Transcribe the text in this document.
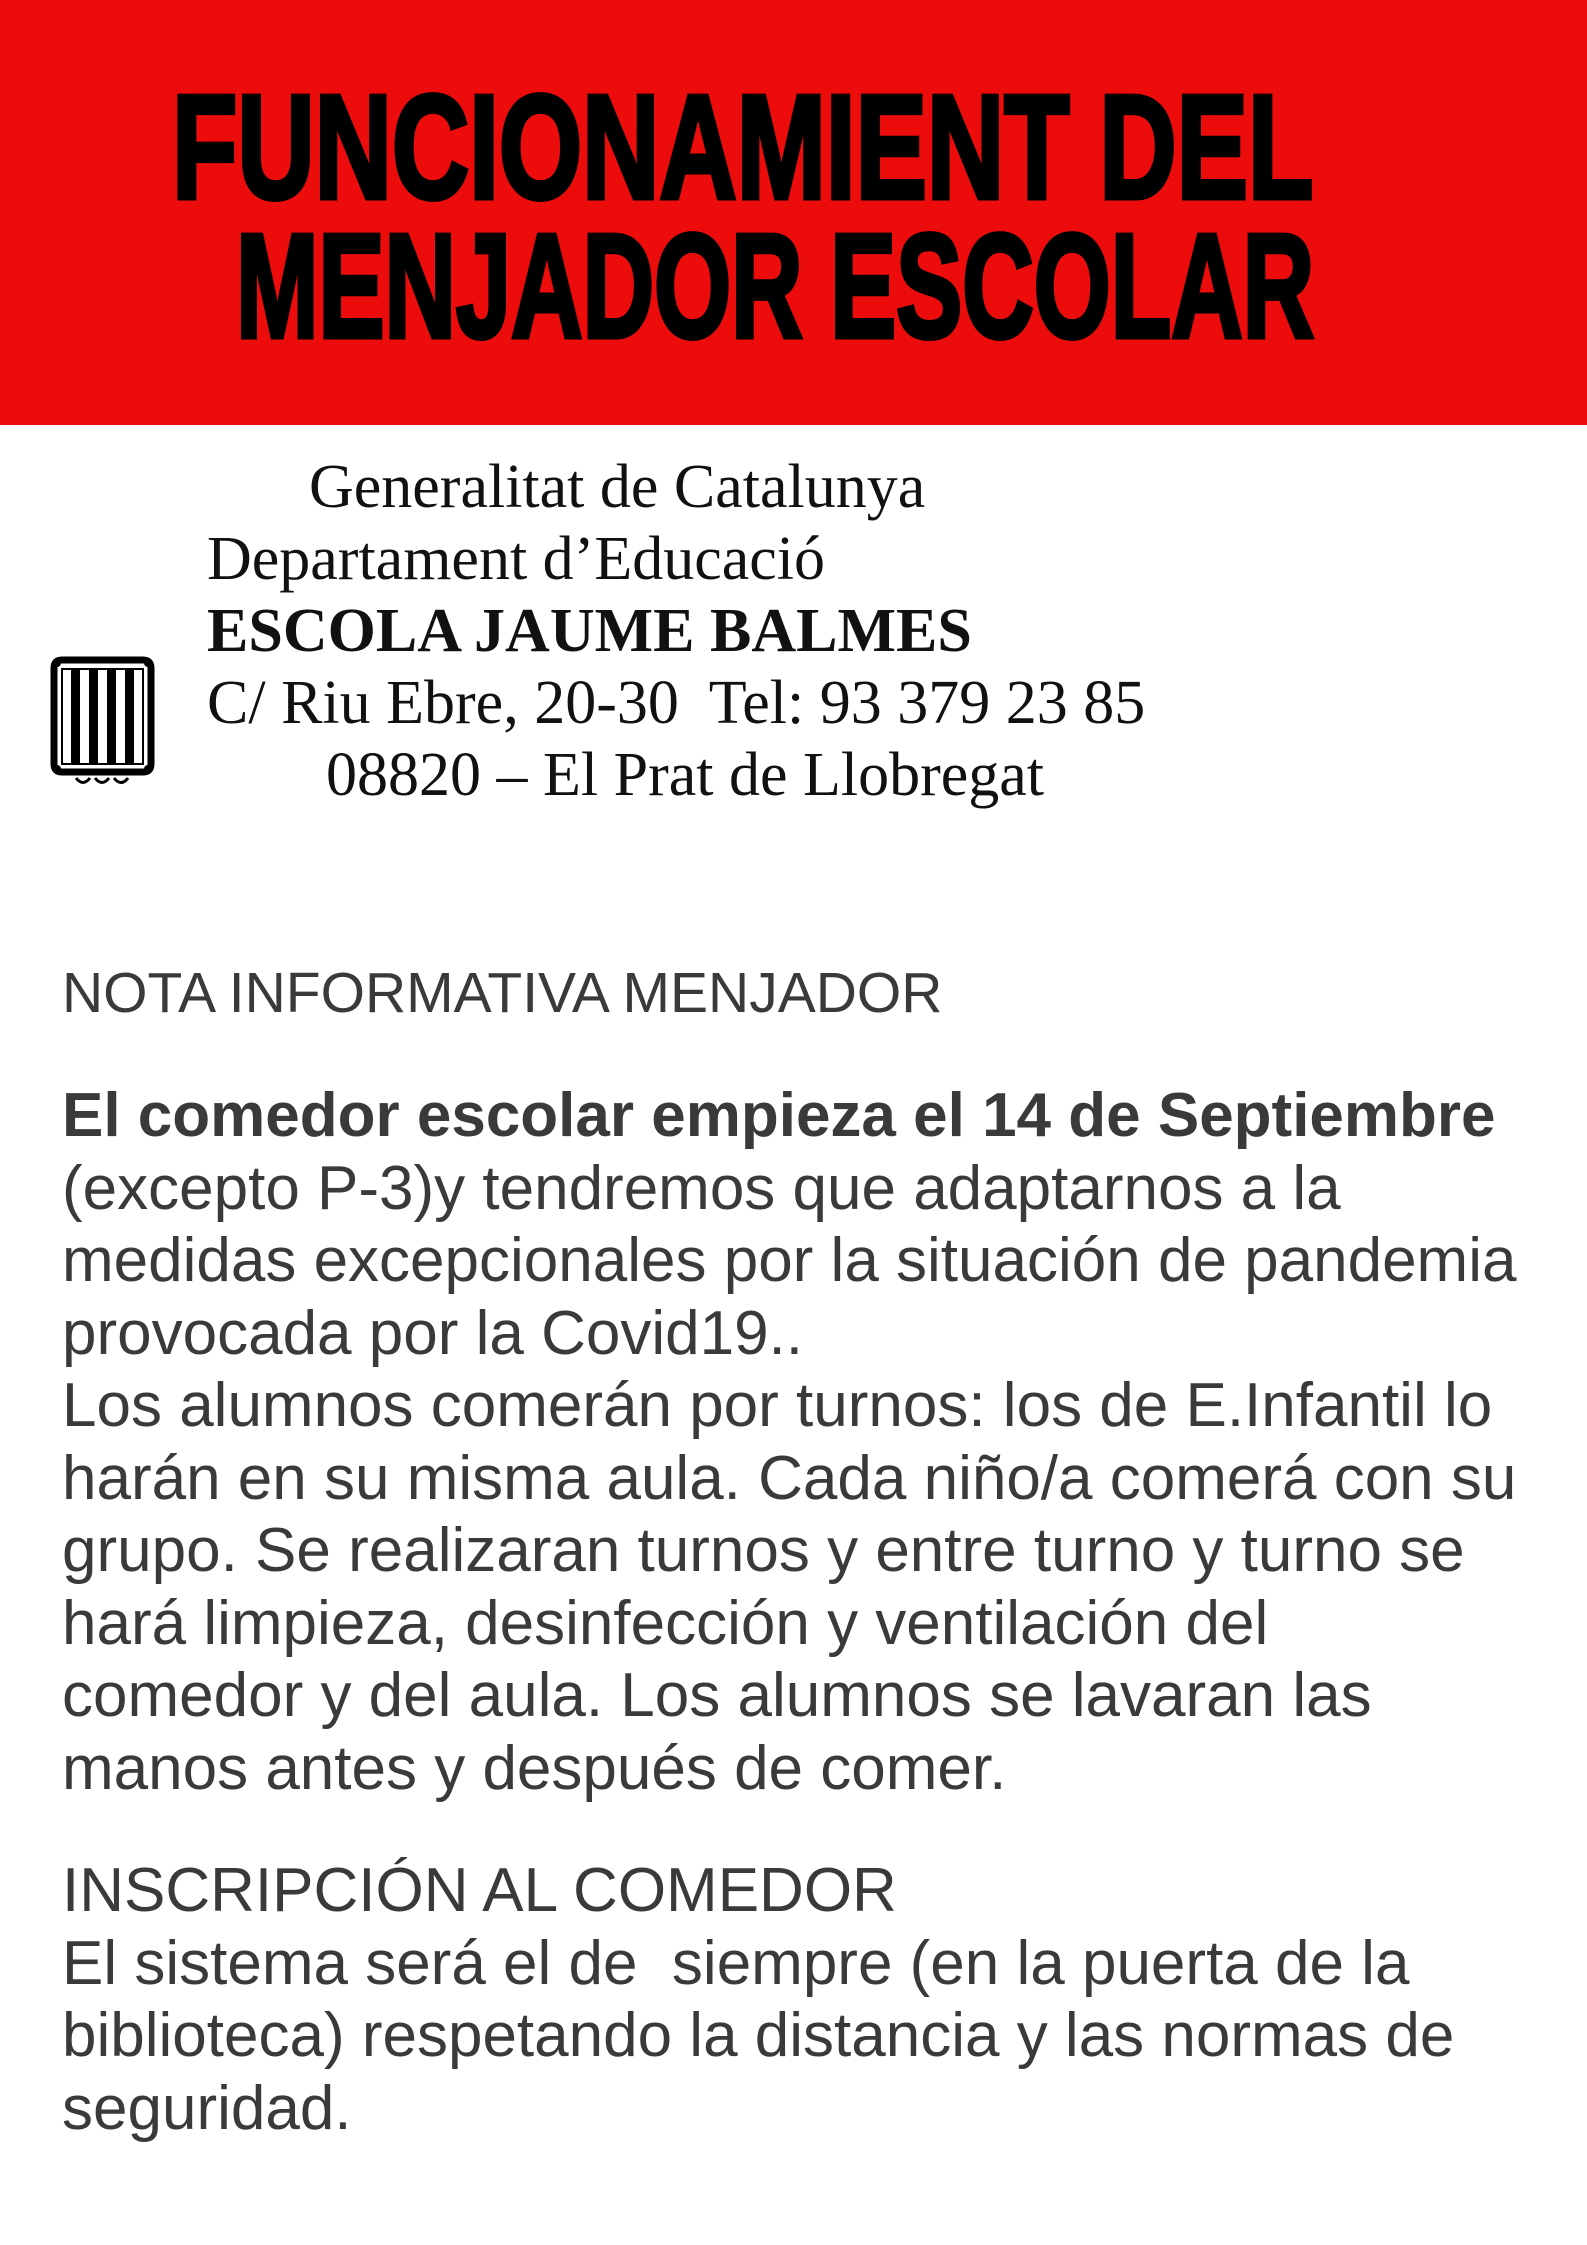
FUNCIONAMIENT DEL
MENJADOR ESCOLAR
Generalitat de Catalunya
Departament d’Educació
ESCOLA JAUME BALMES
C/ Riu Ebre, 20-30  Tel: 93 379 23 85
08820 – El Prat de Llobregat
NOTA INFORMATIVA MENJADOR
El comedor escolar empieza el 14 de Septiembre
(excepto P-3)y tendremos que adaptarnos a la
medidas excepcionales por la situación de pandemia
provocada por la Covid19..
Los alumnos comerán por turnos: los de E.Infantil lo
harán en su misma aula. Cada niño/a comerá con su
grupo. Se realizaran turnos y entre turno y turno se
hará limpieza, desinfección y ventilación del
comedor y del aula. Los alumnos se lavaran las
manos antes y después de comer.
INSCRIPCIÓN AL COMEDOR
El sistema será el de  siempre (en la puerta de la
biblioteca) respetando la distancia y las normas de
seguridad.
